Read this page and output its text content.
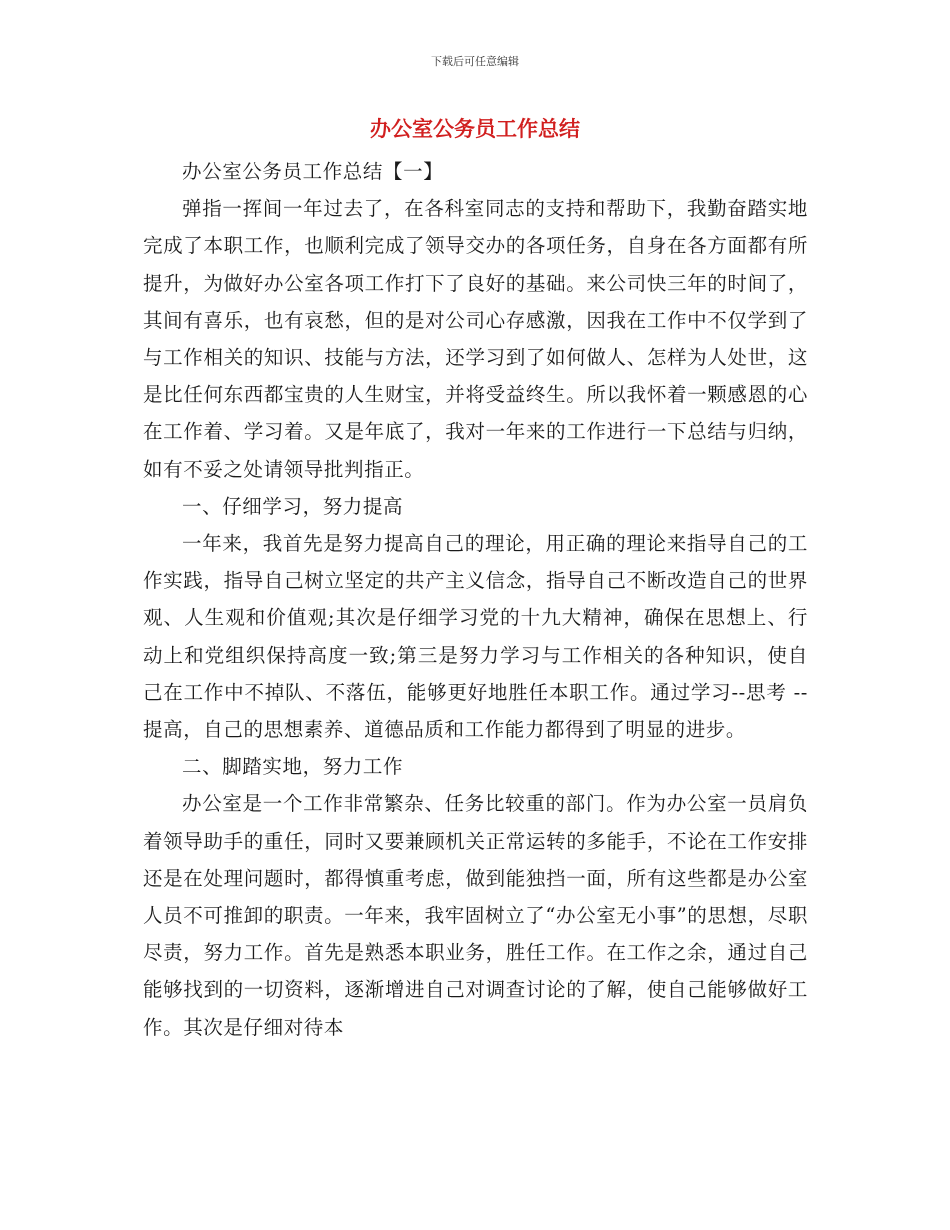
下载后可任意编辑
办公室公务员工作总结

办公室公务员工作总结【一】

弹指一挥间一年过去了，在各科室同志的支持和帮助下，我勤奋踏实地完成了本职工作，也顺利完成了领导交办的各项任务，自身在各方面都有所提升，为做好办公室各项工作打下了良好的基础。来公司快三年的时间了，其间有喜乐，也有哀愁，但的是对公司心存感激，因我在工作中不仅学到了与工作相关的知识、技能与方法，还学习到了如何做人、怎样为人处世，这是比任何东西都宝贵的人生财宝，并将受益终生。所以我怀着一颗感恩的心在工作着、学习着。又是年底了，我对一年来的工作进行一下总结与归纳，如有不妥之处请领导批判指正。

一、仔细学习，努力提高

一年来，我首先是努力提高自己的理论，用正确的理论来指导自己的工作实践，指导自己树立坚定的共产主义信念，指导自己不断改造自己的世界观、人生观和价值观;其次是仔细学习党的十九大精神，确保在思想上、行动上和党组织保持高度一致;第三是努力学习与工作相关的各种知识，使自己在工作中不掉队、不落伍，能够更好地胜任本职工作。通过学习--思考 --提高，自己的思想素养、道德品质和工作能力都得到了明显的进步。

二、脚踏实地，努力工作

办公室是一个工作非常繁杂、任务比较重的部门。作为办公室一员肩负着领导助手的重任，同时又要兼顾机关正常运转的多能手，不论在工作安排还是在处理问题时，都得慎重考虑，做到能独挡一面，所有这些都是办公室人员不可推卸的职责。一年来，我牢固树立了“办公室无小事”的思想，尽职尽责，努力工作。首先是熟悉本职业务，胜任工作。在工作之余，通过自己能够找到的一切资料，逐渐增进自己对调查讨论的了解，使自己能够做好工作。其次是仔细对待本
